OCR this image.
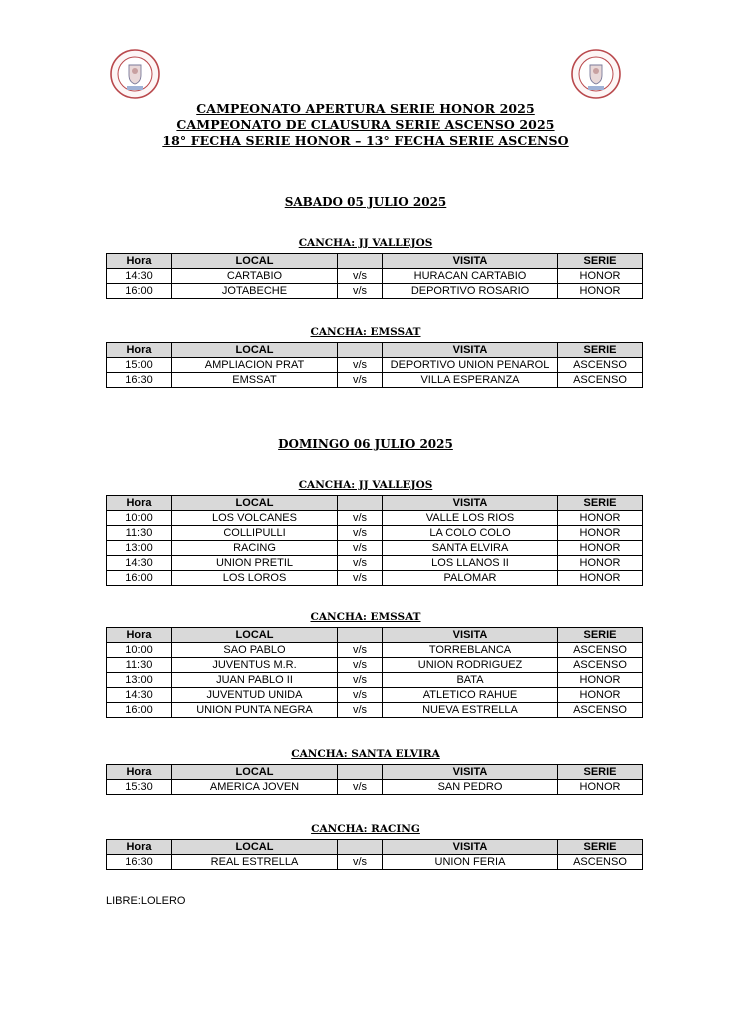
CAMPEONATO APERTURA SERIE HONOR 2025
CAMPEONATO DE CLAUSURA SERIE ASCENSO 2025
18° FECHA SERIE HONOR – 13° FECHA SERIE ASCENSO
SABADO 05 JULIO 2025
CANCHA: JJ VALLEJOS
Hora	LOCAL		VISITA	SERIE
14:30	CARTABIO	v/s	HURACAN CARTABIO	HONOR
16:00	JOTABECHE	v/s	DEPORTIVO ROSARIO	HONOR
CANCHA: EMSSAT
Hora	LOCAL		VISITA	SERIE
15:00	AMPLIACION PRAT	v/s	DEPORTIVO UNION PENAROL	ASCENSO
16:30	EMSSAT	v/s	VILLA ESPERANZA	ASCENSO
DOMINGO 06 JULIO 2025
CANCHA: JJ VALLEJOS
Hora	LOCAL		VISITA	SERIE
10:00	LOS VOLCANES	v/s	VALLE LOS RIOS	HONOR
11:30	COLLIPULLI	v/s	LA COLO COLO	HONOR
13:00	RACING	v/s	SANTA ELVIRA	HONOR
14:30	UNION PRETIL	v/s	LOS LLANOS II	HONOR
16:00	LOS LOROS	v/s	PALOMAR	HONOR
CANCHA: EMSSAT
Hora	LOCAL		VISITA	SERIE
10:00	SAO PABLO	v/s	TORREBLANCA	ASCENSO
11:30	JUVENTUS M.R.	v/s	UNION RODRIGUEZ	ASCENSO
13:00	JUAN PABLO II	v/s	BATA	HONOR
14:30	JUVENTUD UNIDA	v/s	ATLETICO RAHUE	HONOR
16:00	UNION PUNTA NEGRA	v/s	NUEVA ESTRELLA	ASCENSO
CANCHA: SANTA ELVIRA
Hora	LOCAL		VISITA	SERIE
15:30	AMERICA JOVEN	v/s	SAN PEDRO	HONOR
CANCHA: RACING
Hora	LOCAL		VISITA	SERIE
16:30	REAL ESTRELLA	v/s	UNION FERIA	ASCENSO
LIBRE:LOLERO
